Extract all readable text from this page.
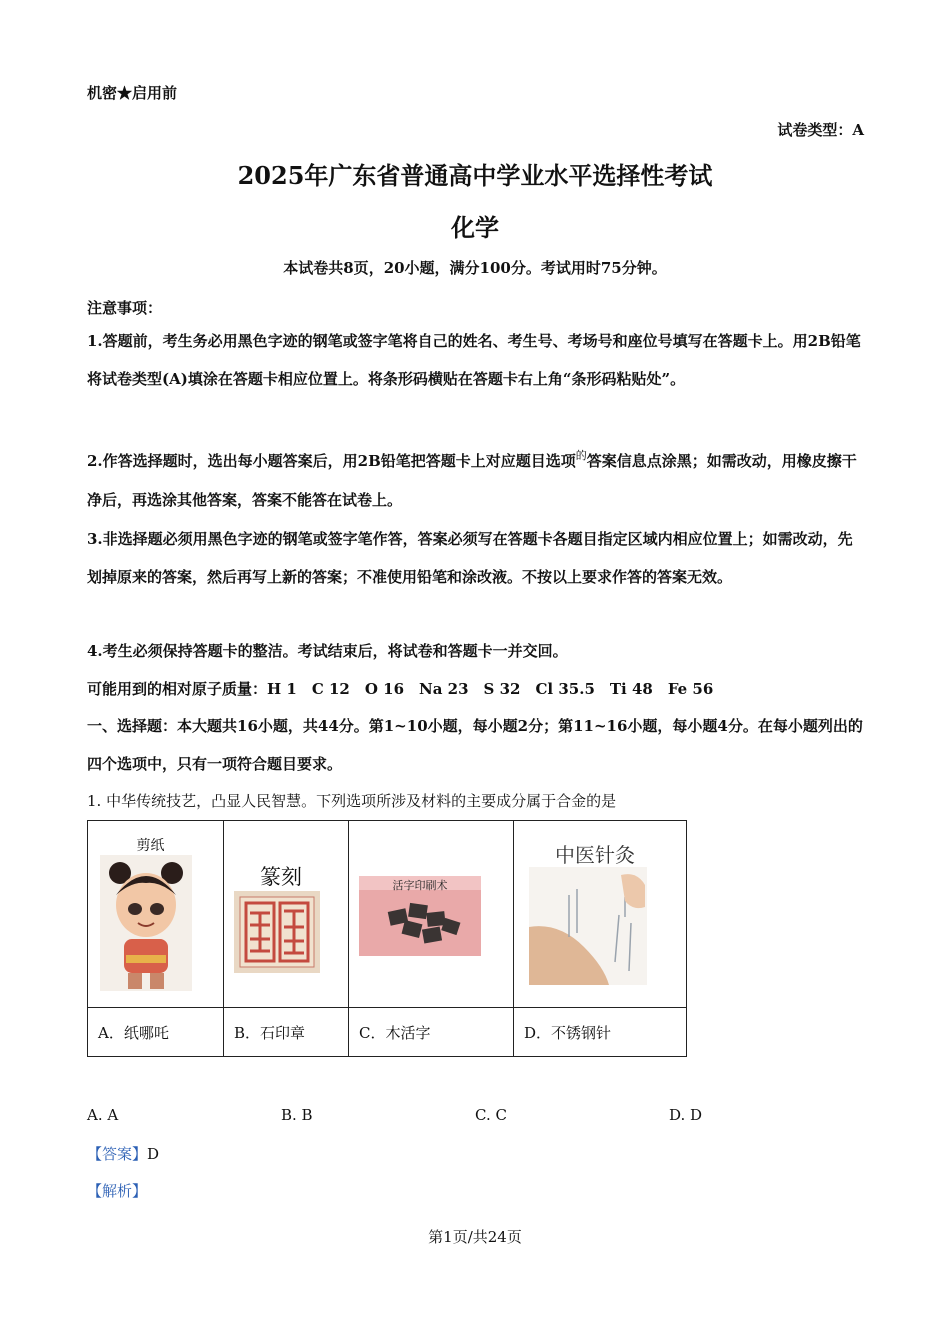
机密★启用前
试卷类型：A
2025年广东省普通高中学业水平选择性考试
化学
本试卷共8页，20小题，满分100分。考试用时75分钟。
注意事项：
1.答题前，考生务必用黑色字迹的钢笔或签字笔将自己的姓名、考生号、考场号和座位号填写在答题卡上。用2B铅笔将试卷类型(A)填涂在答题卡相应位置上。将条形码横贴在答题卡右上角“条形码粘贴处”。
2.作答选择题时，选出每小题答案后，用2B铅笔把答题卡上对应题目选项$^的$答案信息点涂黑；如需改动，用橡皮擦干净后，再选涂其他答案，答案不能答在试卷上。
3.非选择题必须用黑色字迹的钢笔或签字笔作答，答案必须写在答题卡各题目指定区域内相应位置上；如需改动，先划掉原来的答案，然后再写上新的答案；不准使用铅笔和涂改液。不按以上要求作答的答案无效。
4.考生必须保持答题卡的整洁。考试结束后，将试卷和答题卡一并交回。
可能用到的相对原子质量：H 1　C 12　O 16　Na 23　S 32　Cl 35.5　Ti 48　Fe 56
一、选择题：本大题共16小题，共44分。第1~10小题，每小题2分；第11~16小题，每小题4分。在每小题列出的四个选项中，只有一项符合题目要求。
1. 中华传统技艺，凸显人民智慧。下列选项所涉及材料的主要成分属于合金的是
剪纸	篆刻	活字印刷术	中医针灸

A．纸哪吒	B．石印章	C．木活字	D．不锈钢针
A. A	B. B	C. C	D. D
【答案】D
【解析】
第1页/共24页
